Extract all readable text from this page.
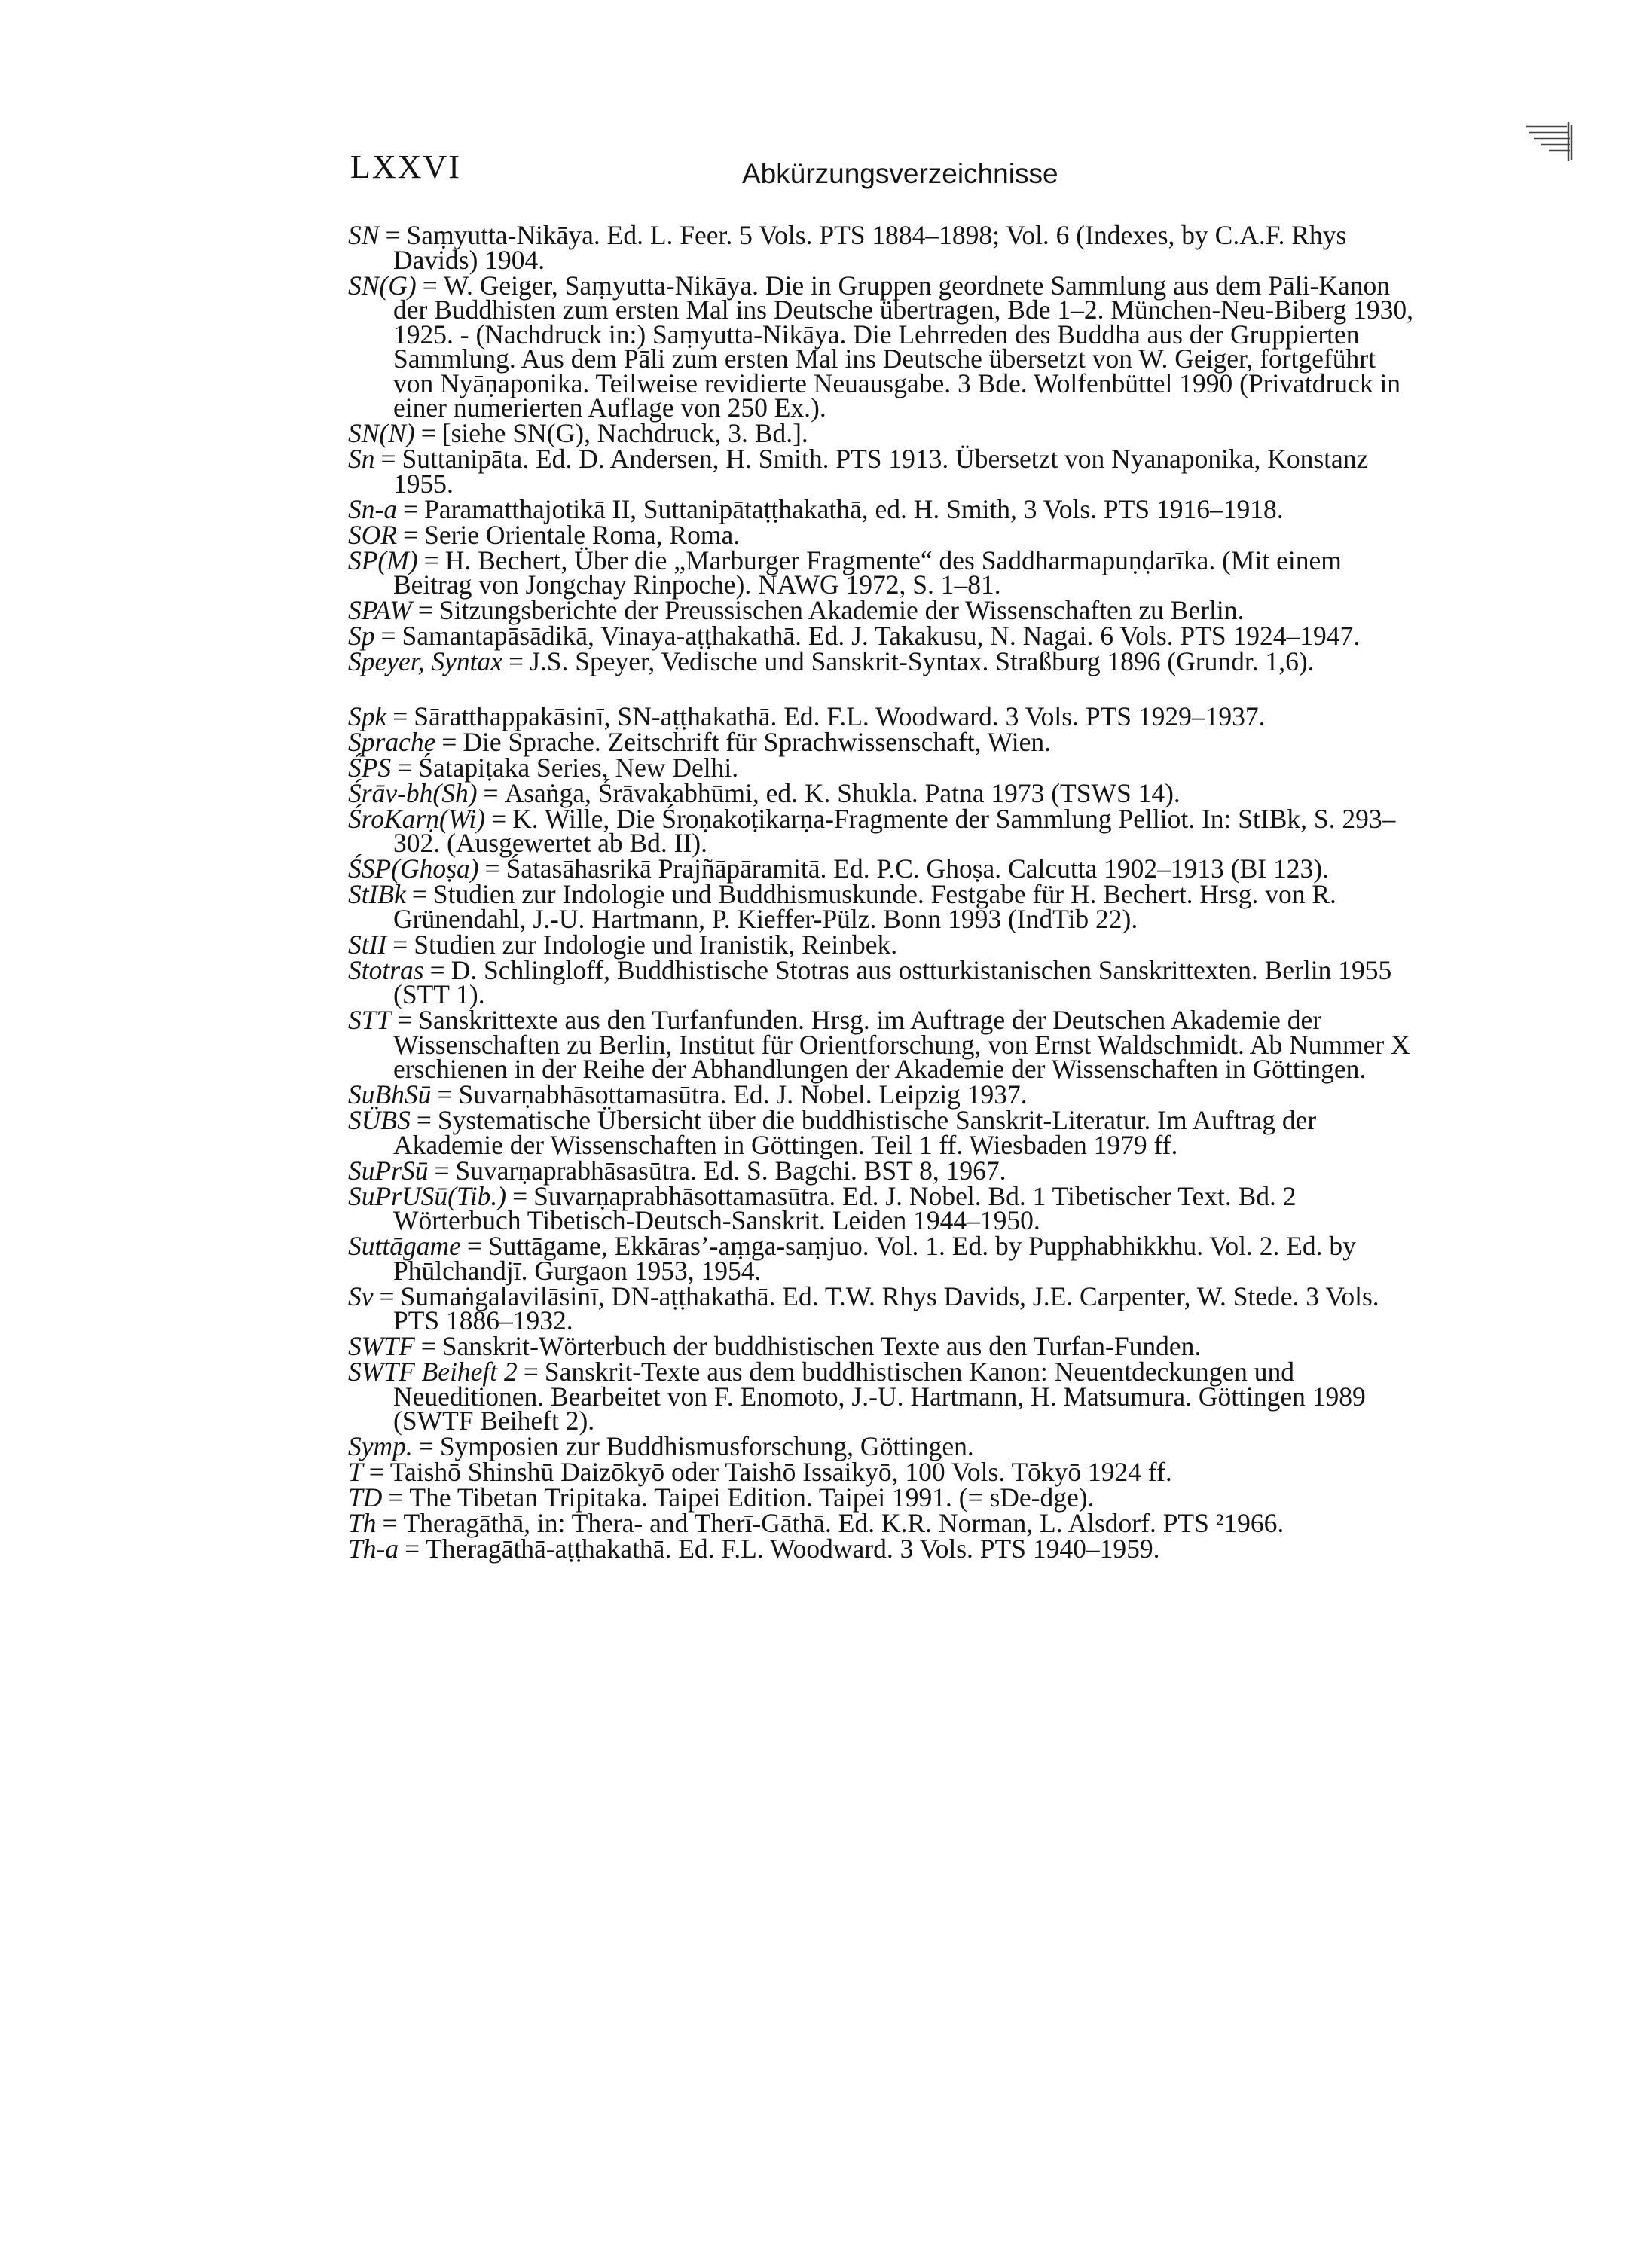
LXXVI	Abkürzungsverzeichnisse

SN = Saṃyutta-Nikāya. Ed. L. Feer. 5 Vols. PTS 1884–1898; Vol. 6 (Indexes, by C.A.F. Rhys Davids) 1904.

SN(G) = W. Geiger, Saṃyutta-Nikāya. Die in Gruppen geordnete Sammlung aus dem Pāli-Kanon der Buddhisten zum ersten Mal ins Deutsche übertragen, Bde 1–2. München-Neu-Biberg 1930, 1925. - (Nachdruck in:) Saṃyutta-Nikāya. Die Lehrreden des Buddha aus der Gruppierten Sammlung. Aus dem Pāli zum ersten Mal ins Deutsche übersetzt von W. Geiger, fortgeführt von Nyāṇaponika. Teilweise revidierte Neuausgabe. 3 Bde. Wolfenbüttel 1990 (Privatdruck in einer numerierten Auflage von 250 Ex.).

SN(N) = [siehe SN(G), Nachdruck, 3. Bd.].

Sn = Suttanipāta. Ed. D. Andersen, H. Smith. PTS 1913. Übersetzt von Nyanaponika, Konstanz 1955.

Sn-a = Paramatthajotikā II, Suttanipātaṭṭhakathā, ed. H. Smith, 3 Vols. PTS 1916–1918.

SOR = Serie Orientale Roma, Roma.

SP(M) = H. Bechert, Über die „Marburger Fragmente“ des Saddharmapuṇḍarīka. (Mit einem Beitrag von Jongchay Rinpoche). NAWG 1972, S. 1–81.

SPAW = Sitzungsberichte der Preussischen Akademie der Wissenschaften zu Berlin.

Sp = Samantapāsādikā, Vinaya-aṭṭhakathā. Ed. J. Takakusu, N. Nagai. 6 Vols. PTS 1924–1947.

Speyer, Syntax = J.S. Speyer, Vedische und Sanskrit-Syntax. Straßburg 1896 (Grundr. 1,6).

Spk = Sāratthappakāsinī, SN-aṭṭhakathā. Ed. F.L. Woodward. 3 Vols. PTS 1929–1937.

Sprache = Die Sprache. Zeitschrift für Sprachwissenschaft, Wien.

ŚPS = Śatapiṭaka Series, New Delhi.

Śrāv-bh(Sh) = Asaṅga, Śrāvakabhūmi, ed. K. Shukla. Patna 1973 (TSWS 14).

ŚroKarṇ(Wi) = K. Wille, Die Śroṇakoṭikarṇa-Fragmente der Sammlung Pelliot. In: StIBk, S. 293–302. (Ausgewertet ab Bd. II).

ŚSP(Ghoṣa) = Śatasāhasrikā Prajñāpāramitā. Ed. P.C. Ghoṣa. Calcutta 1902–1913 (BI 123).

StIBk = Studien zur Indologie und Buddhismuskunde. Festgabe für H. Bechert. Hrsg. von R. Grünendahl, J.-U. Hartmann, P. Kieffer-Pülz. Bonn 1993 (IndTib 22).

StII = Studien zur Indologie und Iranistik, Reinbek.

Stotras = D. Schlingloff, Buddhistische Stotras aus ostturkistanischen Sanskrittexten. Berlin 1955 (STT 1).

STT = Sanskrittexte aus den Turfanfunden. Hrsg. im Auftrage der Deutschen Akademie der Wissenschaften zu Berlin, Institut für Orientforschung, von Ernst Waldschmidt. Ab Nummer X erschienen in der Reihe der Abhandlungen der Akademie der Wissenschaften in Göttingen.

SuBhSū = Suvarṇabhāsottamasūtra. Ed. J. Nobel. Leipzig 1937.

SÜBS = Systematische Übersicht über die buddhistische Sanskrit-Literatur. Im Auftrag der Akademie der Wissenschaften in Göttingen. Teil 1 ff. Wiesbaden 1979 ff.

SuPrSū = Suvarṇaprabhāsasūtra. Ed. S. Bagchi. BST 8, 1967.

SuPrUSū(Tib.) = Suvarṇaprabhāsottamasūtra. Ed. J. Nobel. Bd. 1 Tibetischer Text. Bd. 2 Wörterbuch Tibetisch-Deutsch-Sanskrit. Leiden 1944–1950.

Suttāgame = Suttāgame, Ekkāras’-aṃga-saṃjuo. Vol. 1. Ed. by Pupphabhikkhu. Vol. 2. Ed. by Phūlchandjī. Gurgaon 1953, 1954.

Sv = Sumaṅgalavilāsinī, DN-aṭṭhakathā. Ed. T.W. Rhys Davids, J.E. Carpenter, W. Stede. 3 Vols. PTS 1886–1932.

SWTF = Sanskrit-Wörterbuch der buddhistischen Texte aus den Turfan-Funden.

SWTF Beiheft 2 = Sanskrit-Texte aus dem buddhistischen Kanon: Neuentdeckungen und Neueditionen. Bearbeitet von F. Enomoto, J.-U. Hartmann, H. Matsumura. Göttingen 1989 (SWTF Beiheft 2).

Symp. = Symposien zur Buddhismusforschung, Göttingen.

T = Taishō Shinshū Daizōkyō oder Taishō Issaikyō, 100 Vols. Tōkyō 1924 ff.

TD = The Tibetan Tripitaka. Taipei Edition. Taipei 1991. (= sDe-dge).

Th = Theragāthā, in: Thera- and Therī-Gāthā. Ed. K.R. Norman, L. Alsdorf. PTS ²1966.

Th-a = Theragāthā-aṭṭhakathā. Ed. F.L. Woodward. 3 Vols. PTS 1940–1959.
